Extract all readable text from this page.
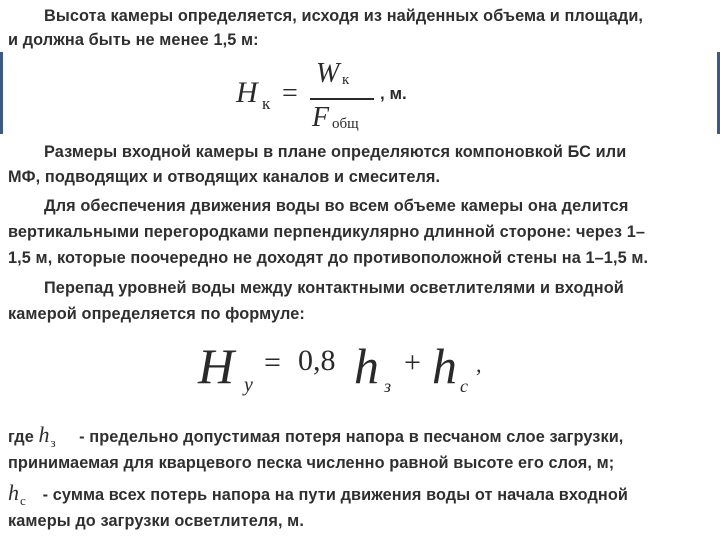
Высота камеры определяется, исходя из найденных объема и площади,
и должна быть не менее 1,5 м:
H к =
W к
F общ
, м.
Размеры входной камеры в плане определяются компоновкой БС или
МФ, подводящих и отводящих каналов и смесителя.
Для обеспечения движения воды во всем объеме камеры она делится
вертикальными перегородками перпендикулярно длинной стороне: через 1–
1,5 м, которые поочередно не доходят до противоположной стены на 1–1,5 м.
Перепад уровней воды между контактными осветлителями и входной
камерой определяется по формуле:
H у
= 0,8 h з
+ h с
,
где h з - предельно допустимая потеря напора в песчаном слое загрузки,
принимаемая для кварцевого песка численно равной высоте его слоя, м;
h с - сумма всех потерь напора на пути движения воды от начала входной
камеры до загрузки осветлителя, м.
